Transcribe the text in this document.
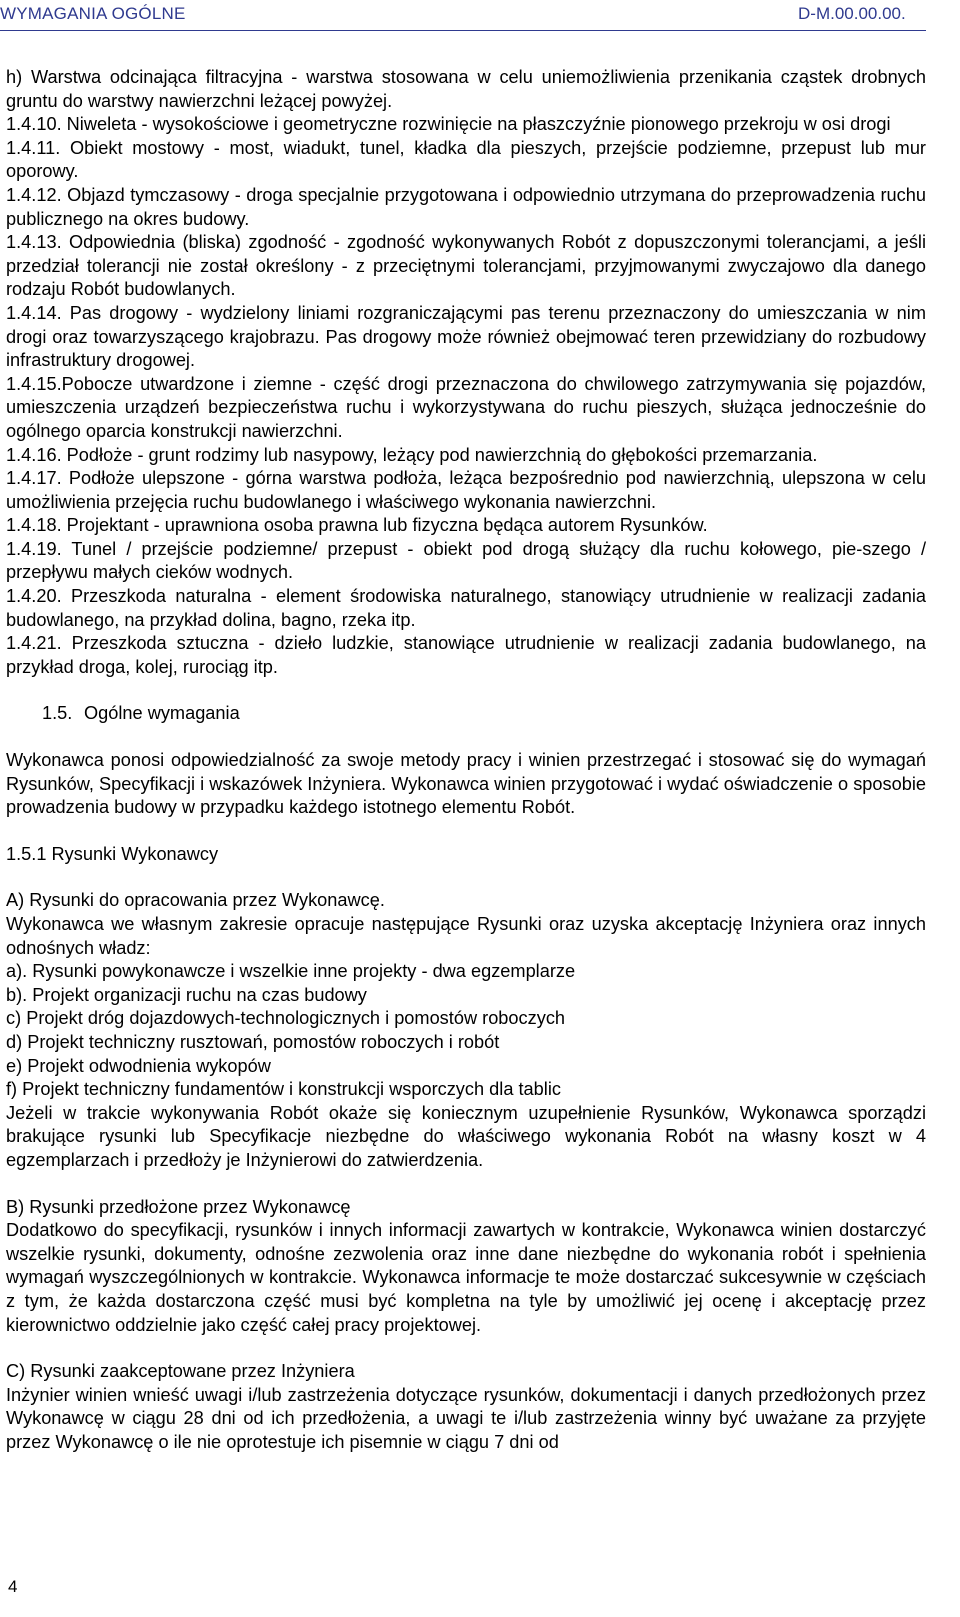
WYMAGANIA OGÓLNE	D-M.00.00.00.

h) Warstwa odcinająca filtracyjna - warstwa stosowana w celu uniemożliwienia przenikania cząstek drobnych gruntu do warstwy nawierzchni leżącej powyżej.

1.4.10. Niweleta - wysokościowe i geometryczne rozwinięcie na płaszczyźnie pionowego przekroju w osi drogi

1.4.11. Obiekt mostowy - most, wiadukt, tunel, kładka dla pieszych, przejście podziemne, przepust lub mur oporowy.

1.4.12. Objazd tymczasowy - droga specjalnie przygotowana i odpowiednio utrzymana do przeprowadzenia ruchu publicznego na okres budowy.

1.4.13. Odpowiednia (bliska) zgodność - zgodność wykonywanych Robót z dopuszczonymi tolerancjami, a jeśli przedział tolerancji nie został określony - z przeciętnymi tolerancjami, przyjmowanymi zwyczajowo dla danego rodzaju Robót budowlanych.

1.4.14. Pas drogowy - wydzielony liniami rozgraniczającymi pas terenu przeznaczony do umieszczania w nim drogi oraz towarzyszącego krajobrazu. Pas drogowy może również obejmować teren przewidziany do rozbudowy infrastruktury drogowej.

1.4.15.Pobocze utwardzone i ziemne - część drogi przeznaczona do chwilowego zatrzymywania się pojazdów, umieszczenia urządzeń bezpieczeństwa ruchu i wykorzystywana do ruchu pieszych, służąca jednocześnie do ogólnego oparcia konstrukcji nawierzchni.

1.4.16. Podłoże - grunt rodzimy lub nasypowy, leżący pod nawierzchnią do głębokości przemarzania.

1.4.17. Podłoże ulepszone - górna warstwa podłoża, leżąca bezpośrednio pod nawierzchnią, ulepszona w celu umożliwienia przejęcia ruchu budowlanego i właściwego wykonania nawierzchni.

1.4.18. Projektant - uprawniona osoba prawna lub fizyczna będąca autorem Rysunków.

1.4.19. Tunel / przejście podziemne/ przepust - obiekt pod drogą służący dla ruchu kołowego, pie-szego / przepływu małych cieków wodnych.

1.4.20. Przeszkoda naturalna - element środowiska naturalnego, stanowiący utrudnienie w realizacji zadania budowlanego, na przykład dolina, bagno, rzeka itp.

1.4.21. Przeszkoda sztuczna - dzieło ludzkie, stanowiące utrudnienie w realizacji zadania budowlanego, na przykład droga, kolej, rurociąg itp.

1.5. Ogólne wymagania

Wykonawca ponosi odpowiedzialność za swoje metody pracy i winien przestrzegać i stosować się do wymagań Rysunków, Specyfikacji i wskazówek Inżyniera. Wykonawca winien przygotować i wydać oświadczenie o sposobie prowadzenia budowy w przypadku każdego istotnego elementu Robót.

1.5.1 Rysunki Wykonawcy

A) Rysunki do opracowania przez Wykonawcę.

Wykonawca we własnym zakresie opracuje następujące Rysunki oraz uzyska akceptację Inżyniera oraz innych odnośnych władz:

a). Rysunki powykonawcze i wszelkie inne projekty - dwa egzemplarze

b). Projekt organizacji ruchu na czas budowy

c) Projekt dróg dojazdowych-technologicznych i pomostów roboczych

d) Projekt techniczny rusztowań, pomostów roboczych i robót

e) Projekt odwodnienia wykopów

f) Projekt techniczny fundamentów i konstrukcji wsporczych dla tablic

Jeżeli w trakcie wykonywania Robót okaże się koniecznym uzupełnienie Rysunków, Wykonawca sporządzi brakujące rysunki lub Specyfikacje niezbędne do właściwego wykonania Robót na własny koszt w 4 egzemplarzach i przedłoży je Inżynierowi do zatwierdzenia.

B) Rysunki przedłożone przez Wykonawcę

Dodatkowo do specyfikacji, rysunków i innych informacji zawartych w kontrakcie, Wykonawca winien dostarczyć wszelkie rysunki, dokumenty, odnośne zezwolenia oraz inne dane niezbędne do wykonania robót i spełnienia wymagań wyszczególnionych w kontrakcie. Wykonawca informacje te może dostarczać sukcesywnie w częściach z tym, że każda dostarczona część musi być kompletna na tyle by umożliwić jej ocenę i akceptację przez kierownictwo oddzielnie jako część całej pracy projektowej.

C) Rysunki zaakceptowane przez Inżyniera

Inżynier winien wnieść uwagi i/lub zastrzeżenia dotyczące rysunków, dokumentacji i danych przedłożonych przez Wykonawcę w ciągu 28 dni od ich przedłożenia, a uwagi te i/lub zastrzeżenia winny być uważane za przyjęte przez Wykonawcę o ile nie oprotestuje ich pisemnie w ciągu 7 dni od

4
